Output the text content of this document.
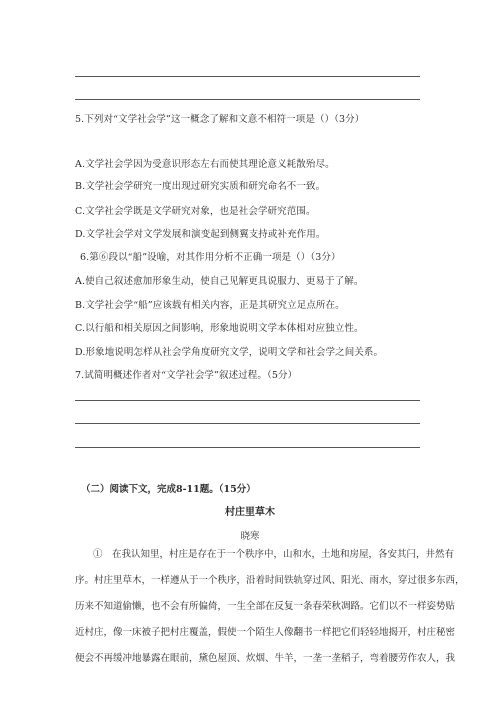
5.下列对“文学社会学”这一概念了解和文意不相符一项是（）（3分）
A.文学社会学因为受意识形态左右而使其理论意义耗散殆尽。
B.文学社会学研究一度出现过研究实质和研究命名不一致。
C.文学社会学既是文学研究对象，也是社会学研究范围。
D.文学社会学对文学发展和演变起到侧翼支持或补充作用。
6.第⑥段以“船”设喻，对其作用分析不正确一项是（）（3分）
A.使自己叙述愈加形象生动，使自己见解更具说服力、更易于了解。
B.文学社会学“船”应该载有相关内容，正是其研究立足点所在。
C.以行船和相关原因之间影响，形象地说明文学本体相对应独立性。
D.形象地说明怎样从社会学角度研究文学，说明文学和社会学之间关系。
7.试简明概述作者对“文学社会学”叙述过程。（5分）
（二）阅读下文，完成8-11题。（15分）
村庄里草木
晓寒
①　在我认知里，村庄是存在于一个秩序中，山和水，土地和房屋，各安其闩，井然有
序。村庄里草木，一样遵从于一个秩序，沿着时间铁轨穿过风、阳光、雨水，穿过很多东西，
历来不知道偷懒，也不会有所偏倚，一生全部在反复一条春荣秋凋路。它们以不一样姿势贴
近村庄，像一床被子把村庄覆盖，假使一个陌生人像翻书一样把它们轻轻地揭开，村庄秘密
便会不再缓冲地暴露在眼前，黛色屋顶、炊烟、牛羊，一垄一垄稻子，弯着腰劳作农人，我
